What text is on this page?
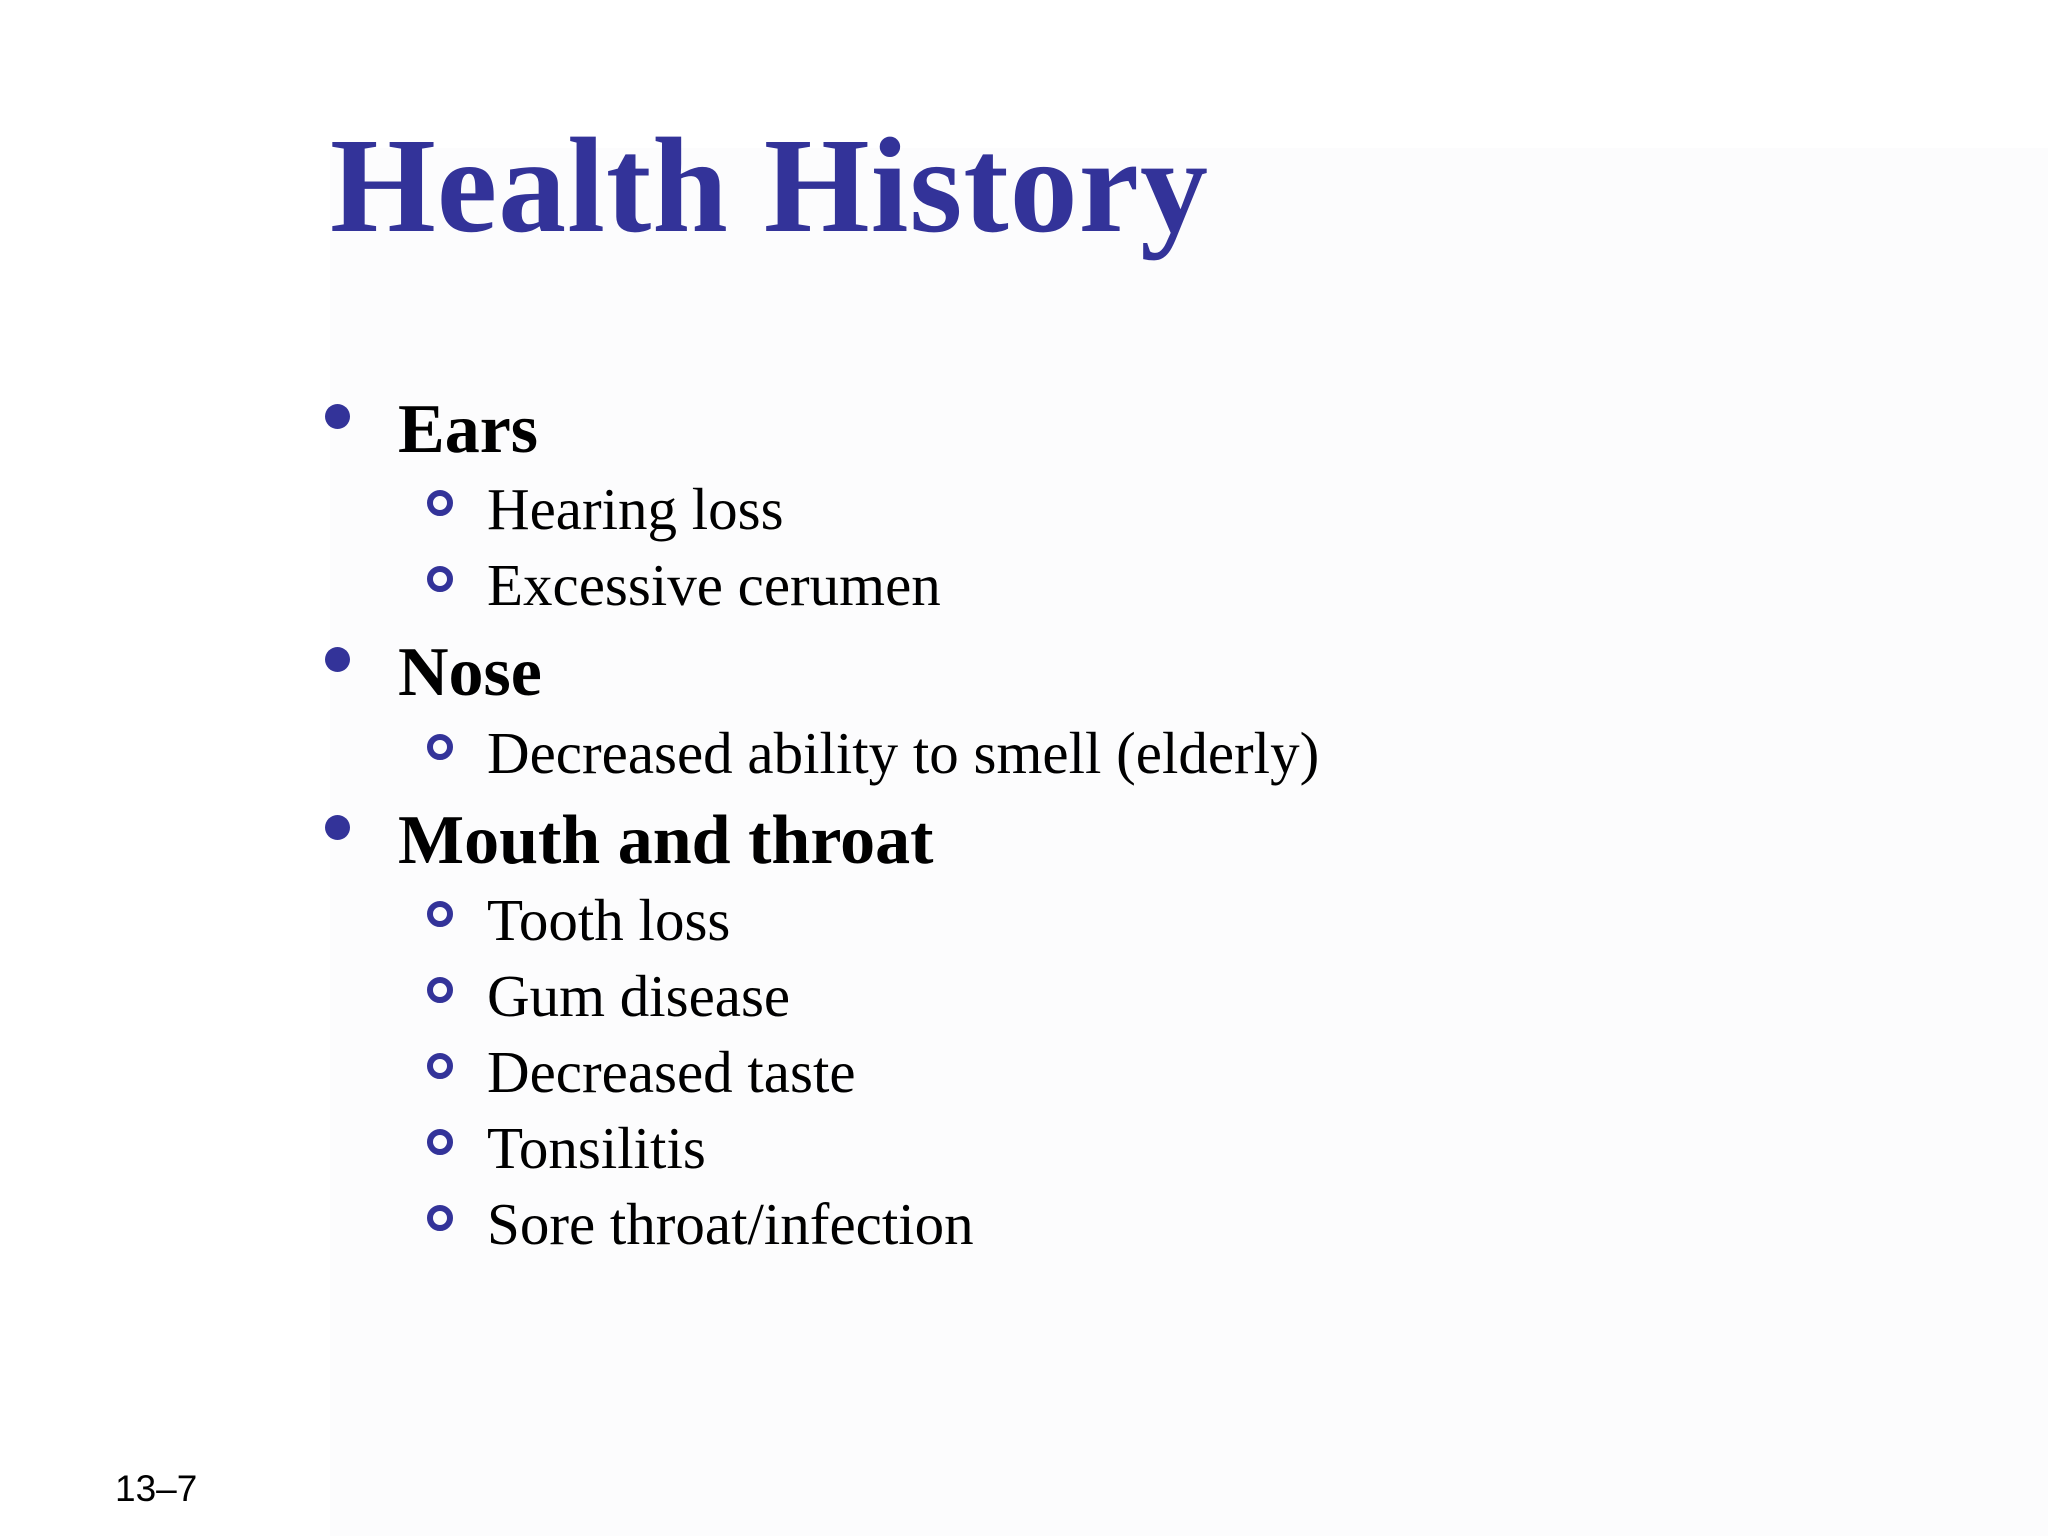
Health History
Ears
Hearing loss
Excessive cerumen
Nose
Decreased ability to smell (elderly)
Mouth and throat
Tooth loss
Gum disease
Decreased taste
Tonsilitis
Sore throat/infection
13–7
